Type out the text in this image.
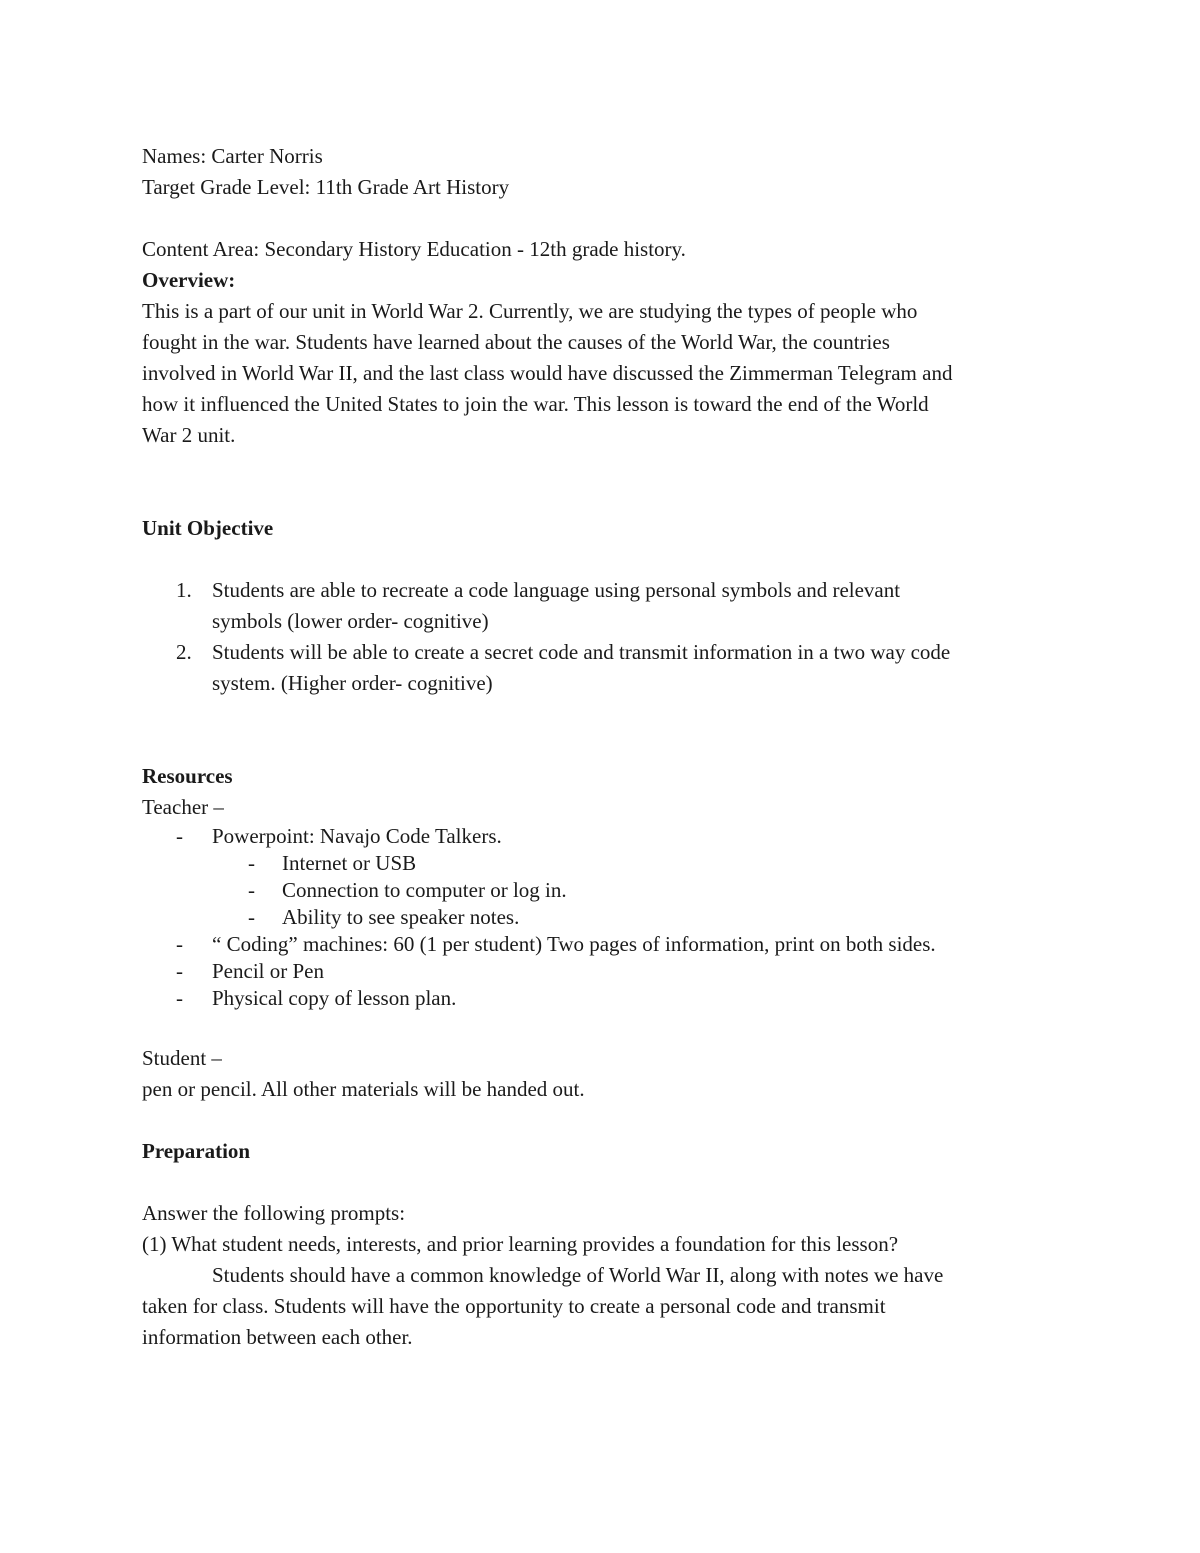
Names: Carter Norris

Target Grade Level: 11th Grade Art History

Content Area: Secondary History Education - 12th grade history.

Overview:

This is a part of our unit in World War 2. Currently, we are studying the types of people who

fought in the war. Students have learned about the causes of the World War, the countries

involved in World War II, and the last class would have discussed the Zimmerman Telegram and

how it influenced the United States to join the war. This lesson is toward the end of the World

War 2 unit.

Unit Objective

1. Students are able to recreate a code language using personal symbols and relevant

symbols (lower order- cognitive)

2. Students will be able to create a secret code and transmit information in a two way code

system. (Higher order- cognitive)

Resources

Teacher –

- Powerpoint: Navajo Code Talkers.
- Internet or USB
- Connection to computer or log in.
- Ability to see speaker notes.
- “ Coding” machines: 60 (1 per student) Two pages of information, print on both sides.
- Pencil or Pen
- Physical copy of lesson plan.

Student –

pen or pencil. All other materials will be handed out.

Preparation

Answer the following prompts:

(1) What student needs, interests, and prior learning provides a foundation for this lesson?

Students should have a common knowledge of World War II, along with notes we have

taken for class. Students will have the opportunity to create a personal code and transmit

information between each other.
